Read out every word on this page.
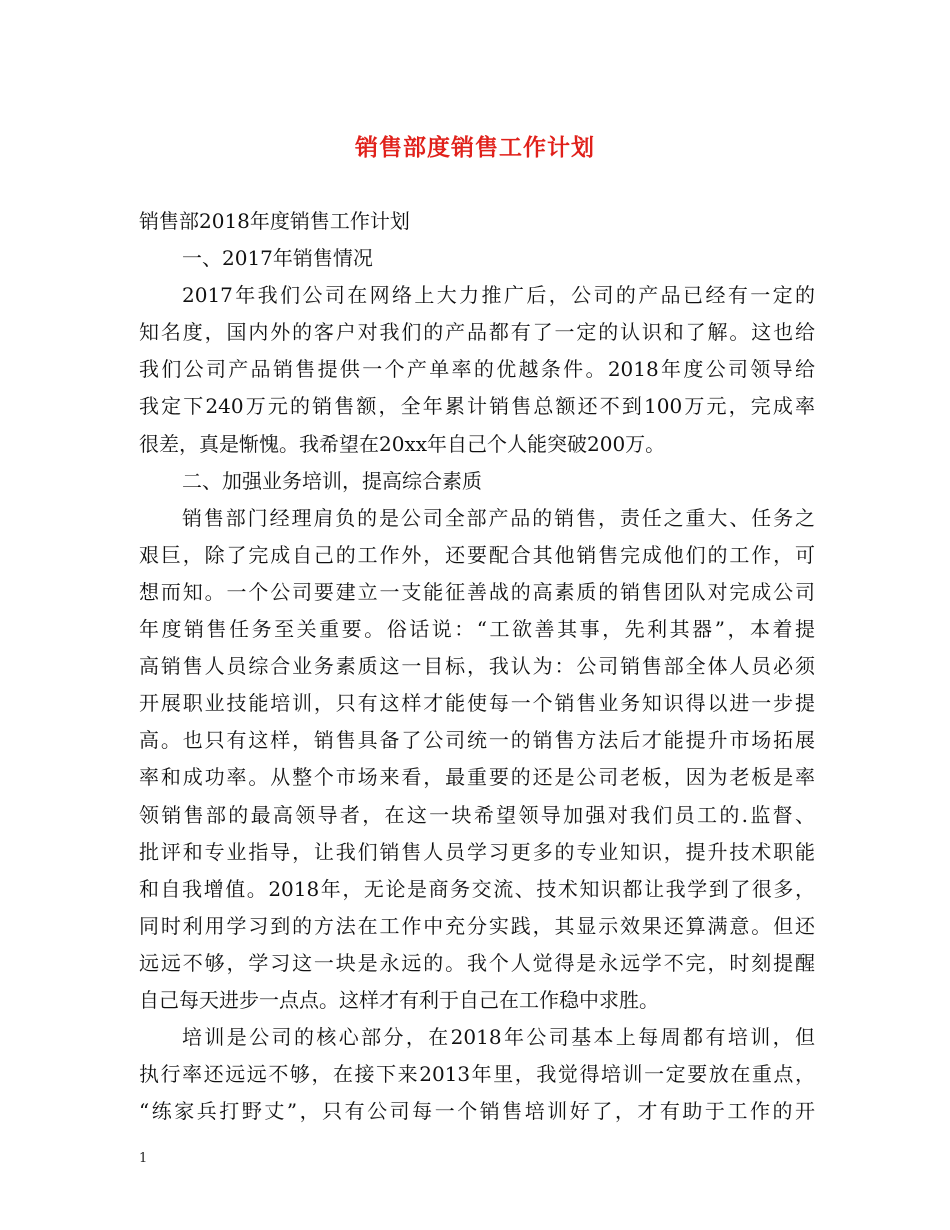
销售部度销售工作计划
销售部2018年度销售工作计划
一、2017年销售情况
2017年我们公司在网络上大力推广后，公司的产品已经有一定的
知名度，国内外的客户对我们的产品都有了一定的认识和了解。这也给
我们公司产品销售提供一个产单率的优越条件。2018年度公司领导给
我定下240万元的销售额，全年累计销售总额还不到100万元，完成率
很差，真是惭愧。我希望在20xx年自己个人能突破200万。
二、加强业务培训，提高综合素质
销售部门经理肩负的是公司全部产品的销售，责任之重大、任务之
艰巨，除了完成自己的工作外，还要配合其他销售完成他们的工作，可
想而知。一个公司要建立一支能征善战的高素质的销售团队对完成公司
年度销售任务至关重要。俗话说：“工欲善其事，先利其器”，本着提
高销售人员综合业务素质这一目标，我认为：公司销售部全体人员必须
开展职业技能培训，只有这样才能使每一个销售业务知识得以进一步提
高。也只有这样，销售具备了公司统一的销售方法后才能提升市场拓展
率和成功率。从整个市场来看，最重要的还是公司老板，因为老板是率
领销售部的最高领导者，在这一块希望领导加强对我们员工的.监督、
批评和专业指导，让我们销售人员学习更多的专业知识，提升技术职能
和自我增值。2018年，无论是商务交流、技术知识都让我学到了很多，
同时利用学习到的方法在工作中充分实践，其显示效果还算满意。但还
远远不够，学习这一块是永远的。我个人觉得是永远学不完，时刻提醒
自己每天进步一点点。这样才有利于自己在工作稳中求胜。
培训是公司的核心部分，在2018年公司基本上每周都有培训，但
执行率还远远不够，在接下来2013年里，我觉得培训一定要放在重点，
“练家兵打野丈”，只有公司每一个销售培训好了，才有助于工作的开
1
